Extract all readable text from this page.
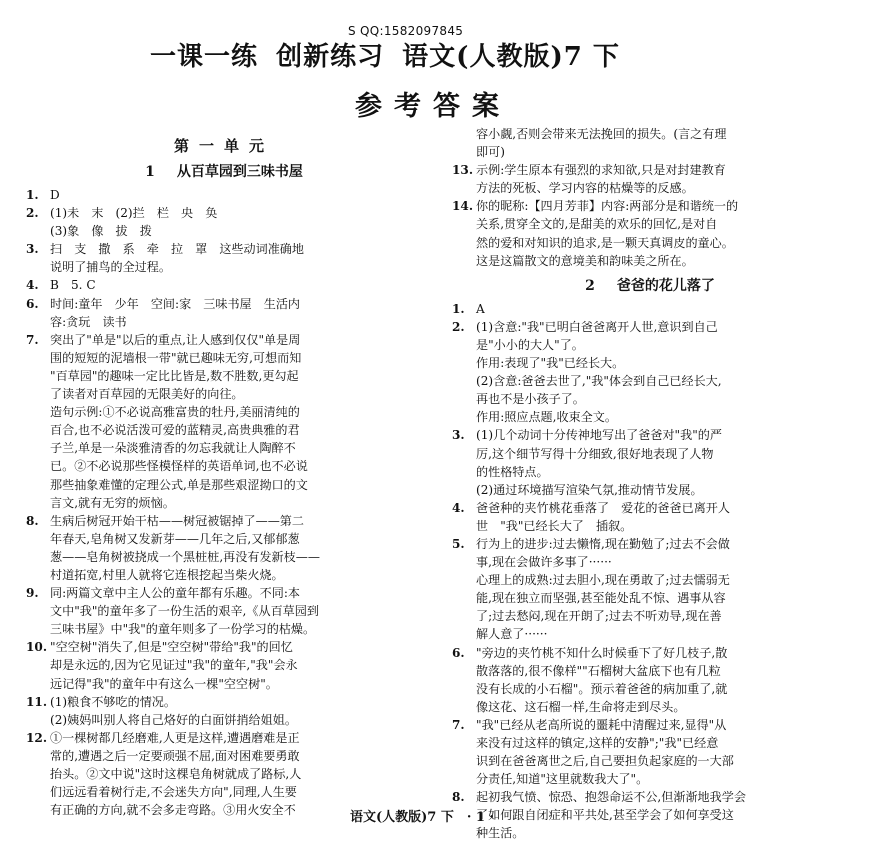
S QQ:1582097845
一课一练 创新练习 语文(人教版)7 下
参考答案
第一单元
1 从百草园到三味书屋
1. D
2. (1)未　末　(2)拦　栏　央　奂
(3)象　像　拔　拨
3. 扫　支　撒　系　牵　拉　罩　这些动词准确地
说明了捕鸟的全过程。
4. B　5. C
6. 时间:童年　少年　空间:家　三味书屋　生活内
容:贪玩　读书
7. 突出了"单是"以后的重点,让人感到仅仅"单是周
围的短短的泥墙根一带"就已趣味无穷,可想而知
"百草园"的趣味一定比比皆是,数不胜数,更勾起
了读者对百草园的无限美好的向往。
造句示例:①不必说高雅富贵的牡丹,美丽清纯的
百合,也不必说活泼可爱的蓝精灵,高贵典雅的君
子兰,单是一朵淡雅清香的勿忘我就让人陶醉不
已。②不必说那些怪模怪样的英语单词,也不必说
那些抽象难懂的定理公式,单是那些艰涩拗口的文
言文,就有无穷的烦恼。
8. 生病后树冠开始干枯——树冠被锯掉了——第二
年春天,皂角树又发新芽——几年之后,又郁郁葱
葱——皂角树被挠成一个黑桩桩,再没有发新枝——
村道拓宽,村里人就将它连根挖起当柴火烧。
9. 同:两篇文章中主人公的童年都有乐趣。不同:本
文中"我"的童年多了一份生活的艰辛,《从百草园到
三味书屋》中"我"的童年则多了一份学习的枯燥。
10. "空空树"消失了,但是"空空树"带给"我"的回忆
却是永远的,因为它见证过"我"的童年,"我"会永
远记得"我"的童年中有这么一棵"空空树"。
11. (1)粮食不够吃的情况。
(2)姨妈叫别人将自己烙好的白面饼捎给姐姐。
12. ①一棵树都几经磨难,人更是这样,遭遇磨难是正
常的,遭遇之后一定要顽强不屈,面对困难要勇敢
抬头。②文中说"这时这棵皂角树就成了路标,人
们远远看着树行走,不会迷失方向",同理,人生要
有正确的方向,就不会多走弯路。③用火安全不
容小觑,否则会带来无法挽回的损失。(言之有理
即可)
13. 示例:学生原本有强烈的求知欲,只是对封建教育
方法的死板、学习内容的枯燥等的反感。
14. 你的昵称:【四月芳菲】内容:两部分是和谐统一的
关系,贯穿全文的,是甜美的欢乐的回忆,是对自
然的爱和对知识的追求,是一颗天真调皮的童心。
这是这篇散文的意境美和韵味美之所在。
2 爸爸的花儿落了
1. A
2. (1)含意:"我"已明白爸爸离开人世,意识到自己
是"小小的大人"了。
作用:表现了"我"已经长大。
(2)含意:爸爸去世了,"我"体会到自己已经长大,
再也不是小孩子了。
作用:照应点题,收束全文。
3. (1)几个动词十分传神地写出了爸爸对"我"的严
厉,这个细节写得十分细致,很好地表现了人物
的性格特点。
(2)通过环境描写渲染气氛,推动情节发展。
4. 爸爸种的夹竹桃花垂落了　爱花的爸爸已离开人
世　"我"已经长大了　插叙。
5. 行为上的进步:过去懒惰,现在勤勉了;过去不会做
事,现在会做许多事了······
心理上的成熟:过去胆小,现在勇敢了;过去懦弱无
能,现在独立而坚强,甚至能处乱不惊、遇事从容
了;过去愁闷,现在开朗了;过去不听劝导,现在善
解人意了······
6. "旁边的夹竹桃不知什么时候垂下了好几枝子,散
散落落的,很不像样""石榴树大盆底下也有几粒
没有长成的小石榴"。预示着爸爸的病加重了,就
像这花、这石榴一样,生命将走到尽头。
7. "我"已经从老高所说的噩耗中清醒过来,显得"从
来没有过这样的镇定,这样的安静";"我"已经意
识到在爸爸离世之后,自己要担负起家庭的一大部
分责任,知道"这里就数我大了"。
8. 起初我气愤、惊恐、抱怨命运不公,但渐渐地我学会
了如何跟自闭症和平共处,甚至学会了如何享受这
种生活。
语文(人教版)7 下　· 1 ·
